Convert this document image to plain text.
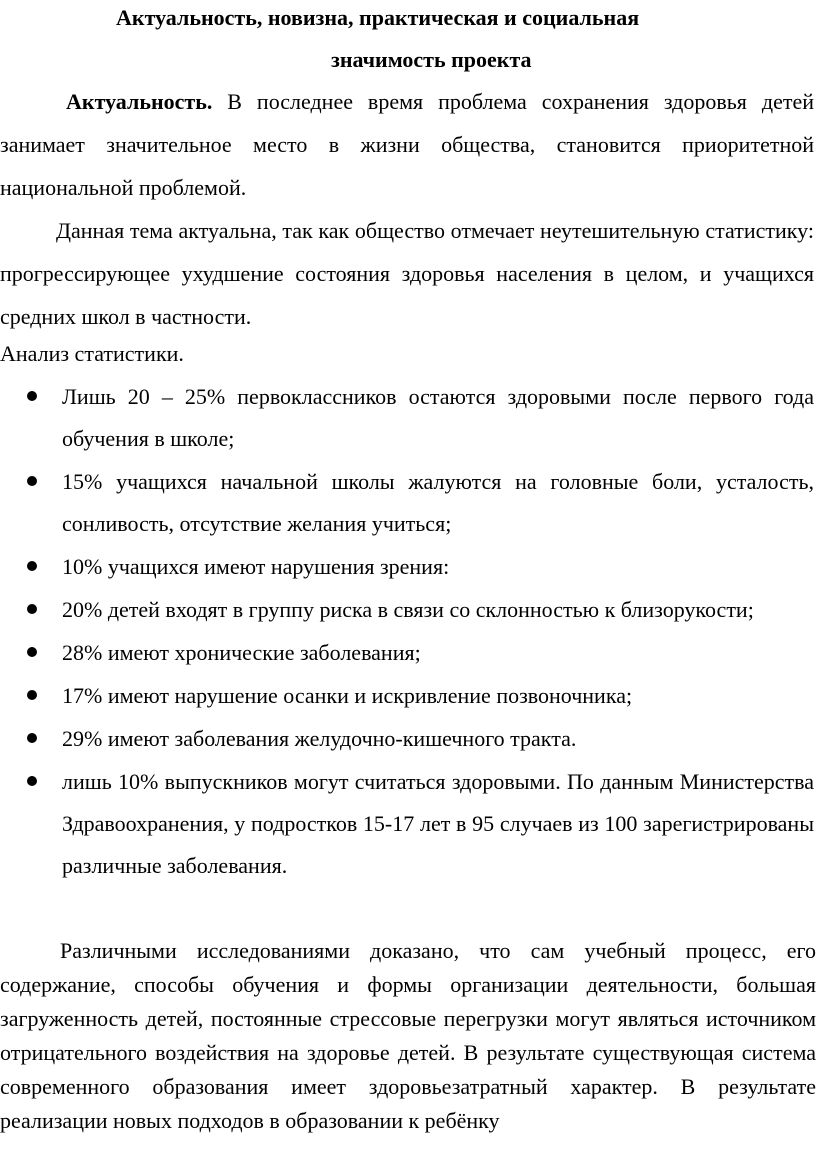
Актуальность, новизна, практическая и социальная
значимость проекта
Актуальность. В последнее время проблема сохранения здоровья детей занимает значительное место в жизни общества, становится приоритетной национальной проблемой.
Данная тема актуальна, так как общество отмечает неутешительную статистику: прогрессирующее ухудшение состояния здоровья населения в целом, и учащихся средних школ в частности.
Анализ статистики.
Лишь 20 – 25% первоклассников остаются здоровыми после первого года обучения в школе;
15% учащихся начальной школы жалуются на головные боли, усталость, сонливость, отсутствие желания учиться;
10% учащихся имеют нарушения зрения:
20% детей входят в группу риска в связи со склонностью к близорукости;
28% имеют хронические заболевания;
17% имеют нарушение осанки и искривление позвоночника;
29% имеют заболевания желудочно-кишечного тракта.
лишь 10% выпускников могут считаться здоровыми. По данным Министерства Здравоохранения, у подростков 15-17 лет в 95 случаев из 100 зарегистрированы различные заболевания.
Различными исследованиями доказано, что сам учебный процесс, его содержание, способы обучения и формы организации деятельности, большая загруженность детей, постоянные стрессовые перегрузки могут являться источником отрицательного воздействия на здоровье детей. В результате существующая система современного образования имеет здоровьезатратный характер. В результате реализации новых подходов в образовании к ребёнку
